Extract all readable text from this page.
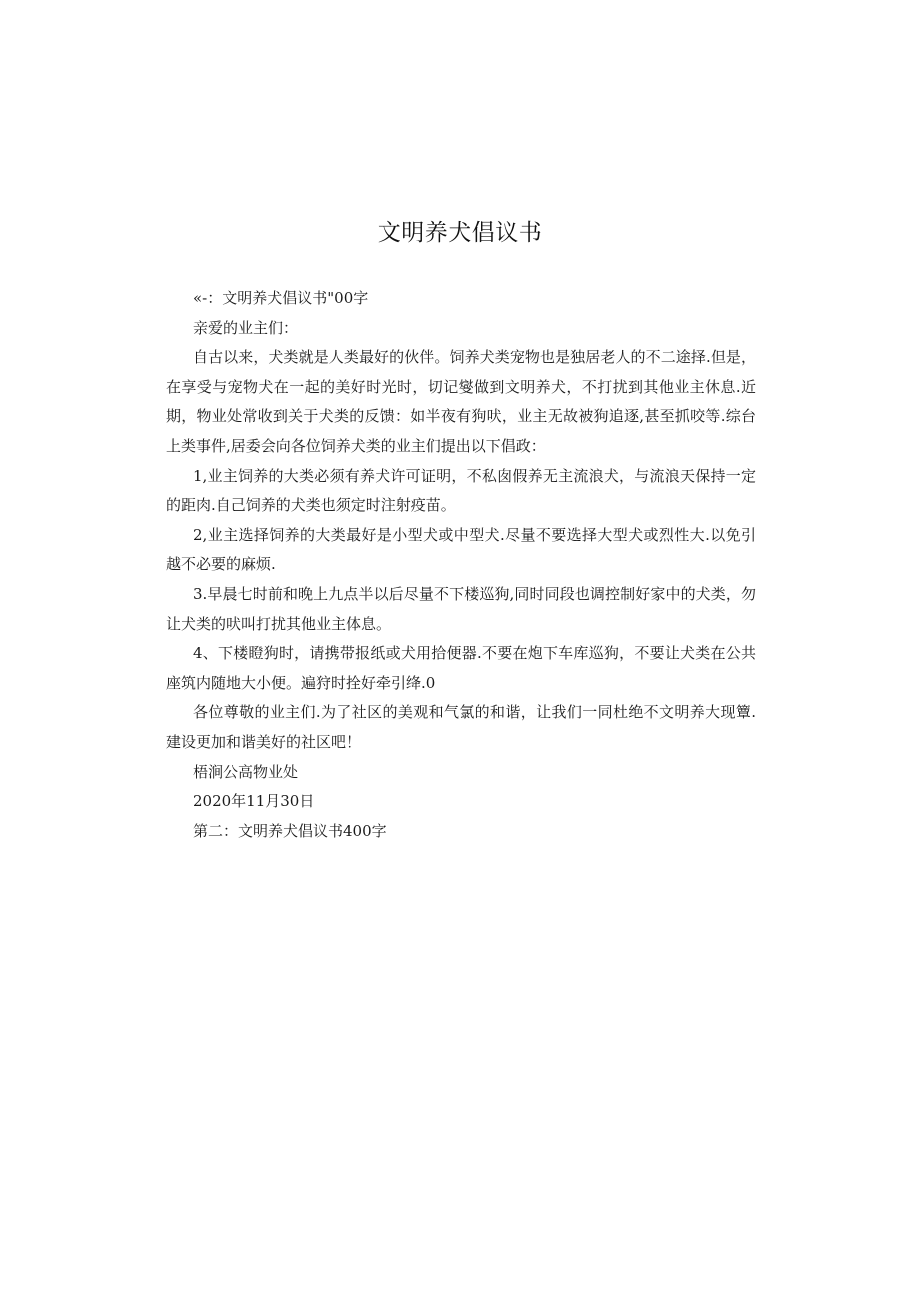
文明养犬倡议书

«-：文明养犬倡议书"00字

亲爱的业主们：

自古以来，犬类就是人类最好的伙伴。饲养犬类宠物也是独居老人的不二途择.但是，在享受与宠物犬在一起的美好时光时，切记燮做到文明养犬，不打扰到其他业主休息.近期，物业处常收到关于犬类的反馈：如半夜有狗吠，业主无故被狗追逐,甚至抓咬等.综台上类事件,居委会向各位饲养犬类的业主们提出以下倡政：

1,业主饲养的大类必须有养犬许可证明，不私囱假养无主流浪犬，与流浪天保持一定的距肉.自己饲养的犬类也须定时注射疫苗。

2,业主选择饲养的大类最好是小型犬或中型犬.尽量不要选择大型犬或烈性大.以免引越不必要的麻烦.

3.早晨七时前和晚上九点半以后尽量不下楼巡狗,同时同段也调控制好家中的犬类，勿让犬类的吠叫打扰其他业主体息。

4、下楼瞪狗时，请携带报纸或犬用拾便器.不要在炮下车库巡狗，不要让犬类在公共座筑内随地大小便。遍狩时拴好牵引绛.0

各位尊敬的业主们.为了社区的美观和气氯的和谐，让我们一同杜绝不文明养大现簟.建设更加和谐美好的社区吧！

梧涧公高物业处

2020年11月30日

第二：文明养犬倡议书400字
